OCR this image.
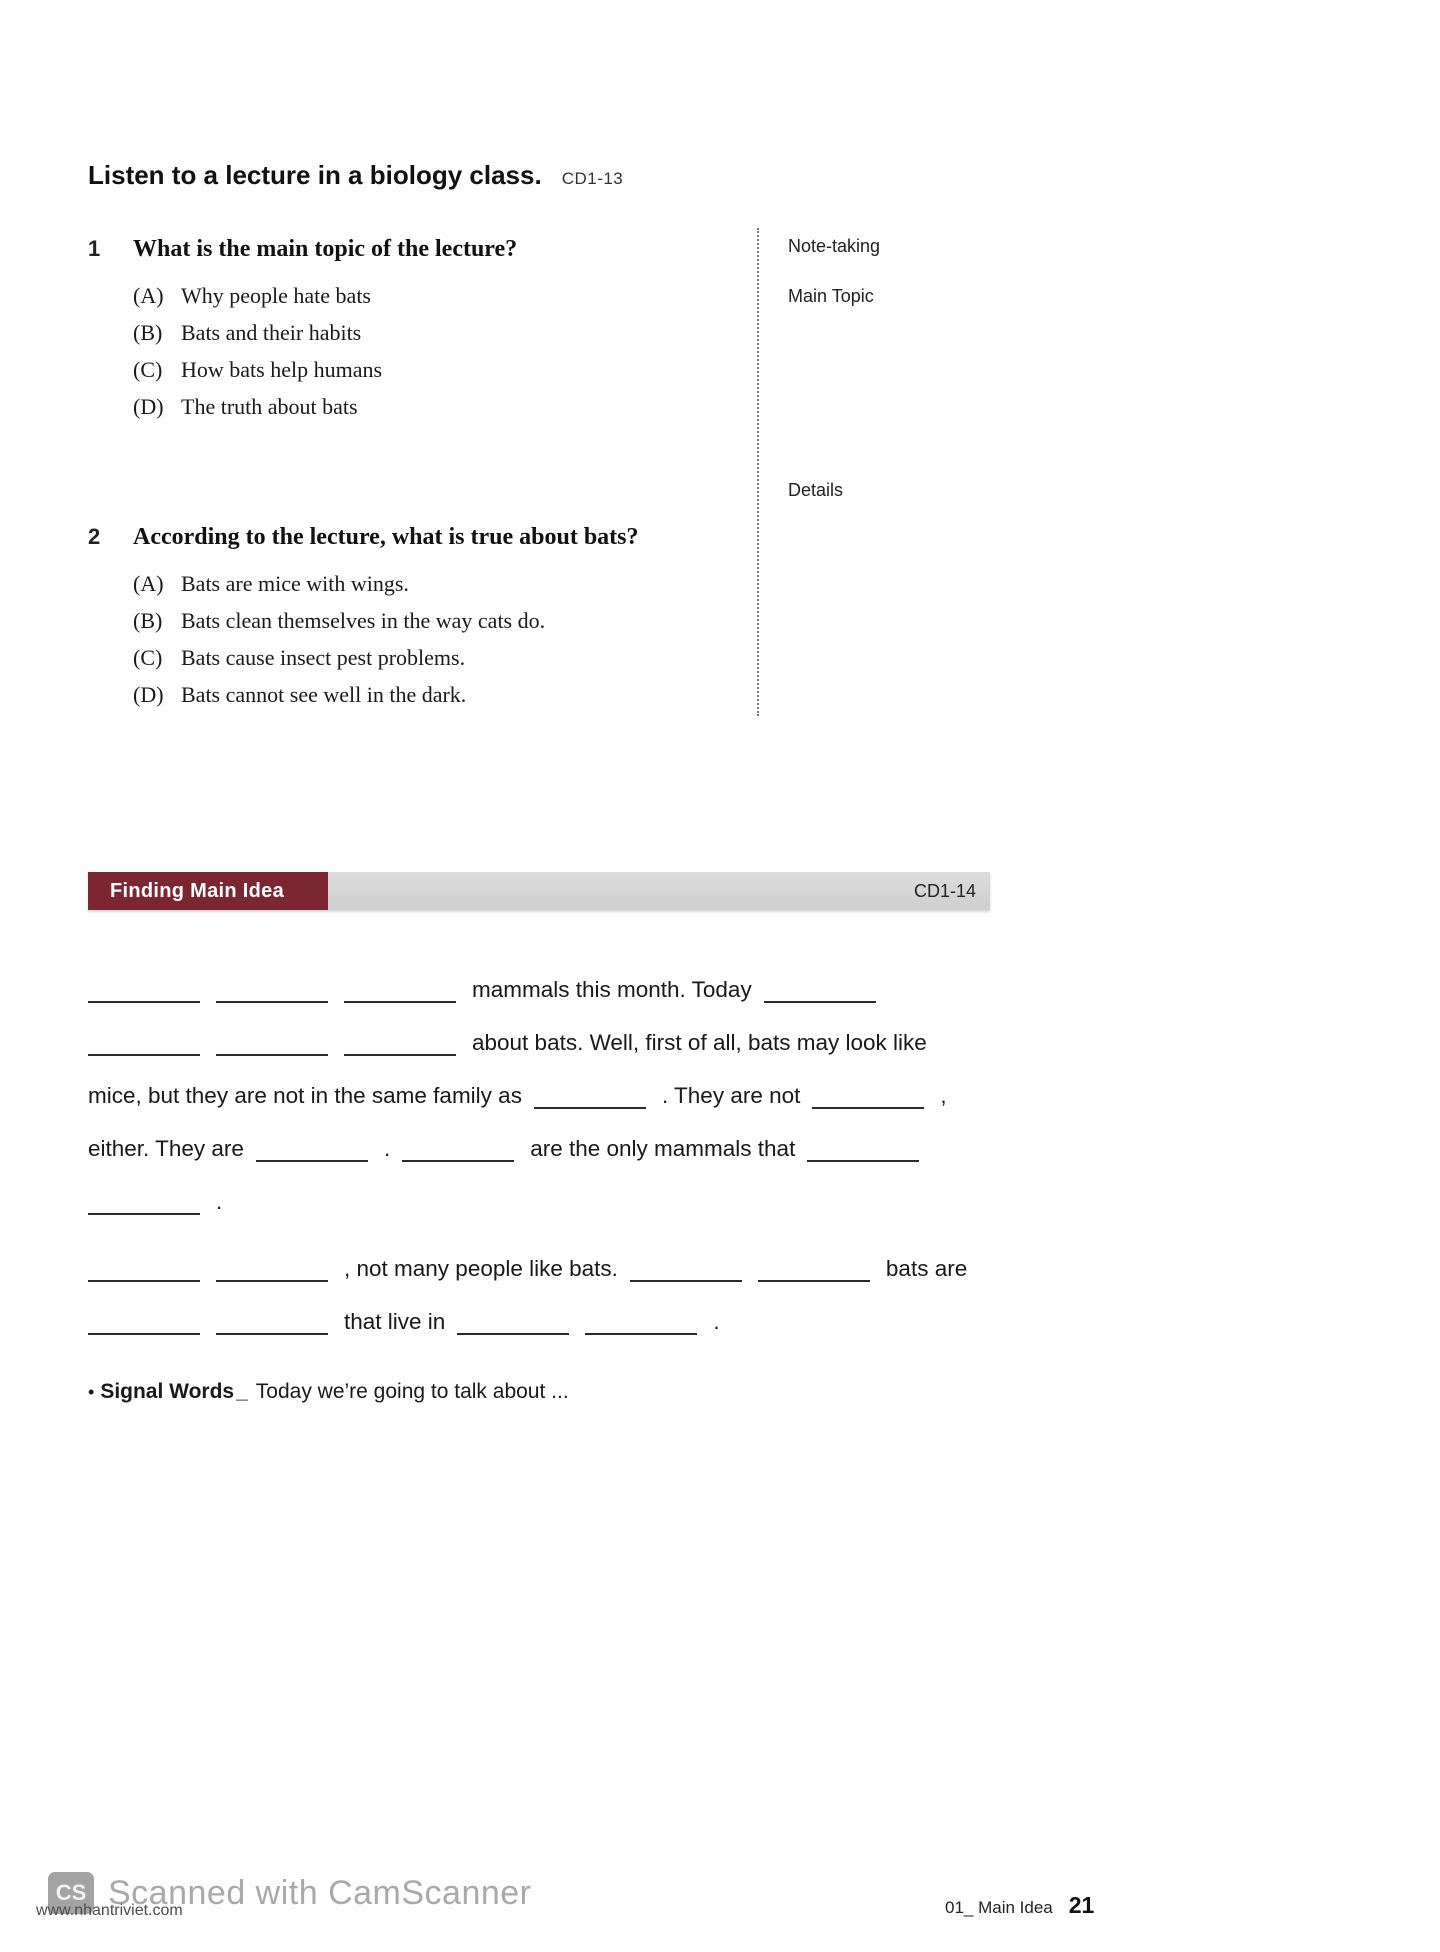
Listen to a lecture in a biology class. CD1-13
1	What is the main topic of the lecture?
(A) Why people hate bats
(B) Bats and their habits
(C) How bats help humans
(D) The truth about bats
Note-taking
Main Topic
Details
2	According to the lecture, what is true about bats?
(A) Bats are mice with wings.
(B) Bats clean themselves in the way cats do.
(C) Bats cause insect pest problems.
(D) Bats cannot see well in the dark.
Finding Main Idea	CD1-14
mammals this month. Today
about bats. Well, first of all, bats may look like
mice, but they are not in the same family as	. They are not	,
either. They are	.	are the only mammals that
.
, not many people like bats.	bats are
that live in	.
• Signal Words _ Today we’re going to talk about ...
CS Scanned with CamScanner
www.nhantriviet.com	01_ Main Idea 21
